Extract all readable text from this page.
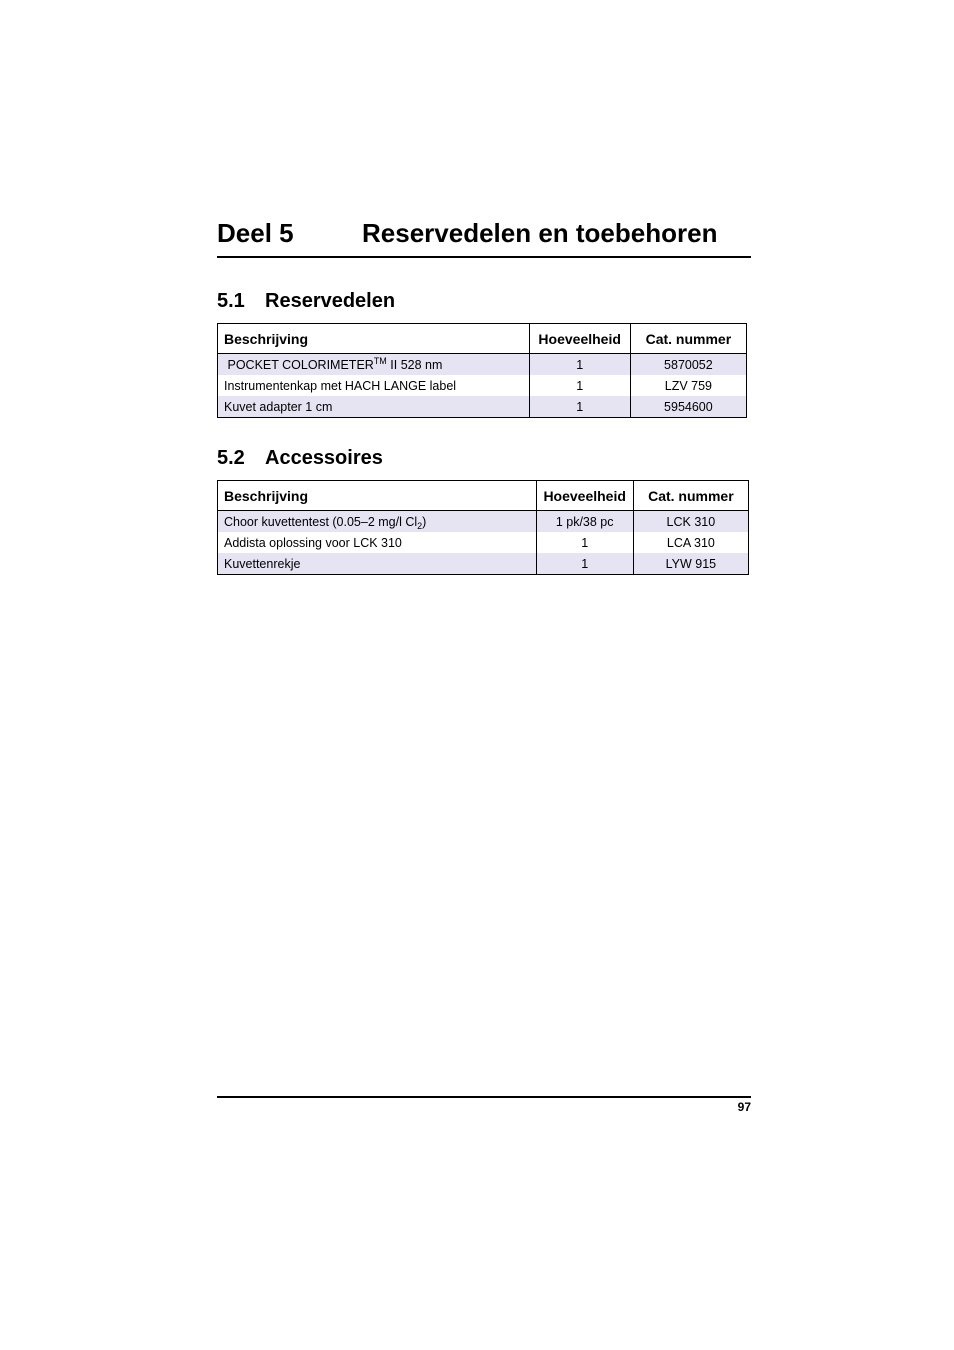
Deel 5	Reservedelen en toebehoren
5.1 Reservedelen
Beschrijving	Hoeveelheid	Cat. nummer
POCKET COLORIMETER™ II 528 nm	1	5870052
Instrumentenkap met HACH LANGE label	1	LZV 759
Kuvet adapter 1 cm	1	5954600
5.2 Accessoires
Beschrijving	Hoeveelheid	Cat. nummer
Choor kuvettentest (0.05–2 mg/l $Cl_2$)	1 pk/38 pc	LCK 310
Addista oplossing voor LCK 310	1	LCA 310
Kuvettenrekje	1	LYW 915
97
